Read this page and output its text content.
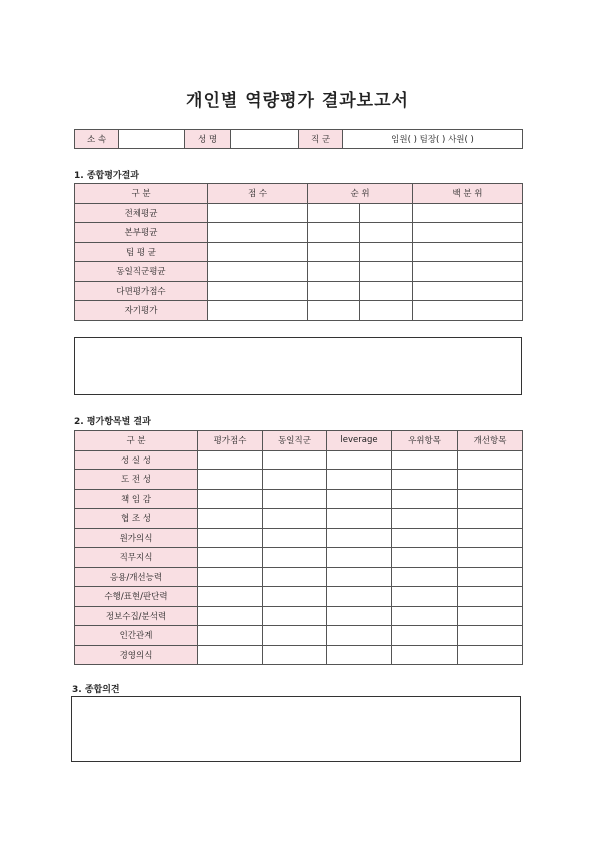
개인별 역량평가 결과보고서
소 속		성 명		직 군	임원( ) 팀장( ) 사원( )
1. 종합평가결과
구 분	점 수	순 위		백 분 위
전체평균				
본부평균				
팀 평 균				
동일직군평균				
다면평가점수				
자기평가				
2. 평가항목별 결과
구 분	평가점수	동일직군	leverage	우위항목	개선항목
성 실 성					
도 전 성					
책 임 감					
협 조 성					
원가의식					
직무지식					
응용/개선능력					
수행/표현/판단력					
정보수집/분석력					
인간관계					
경영의식					
3. 종합의견
